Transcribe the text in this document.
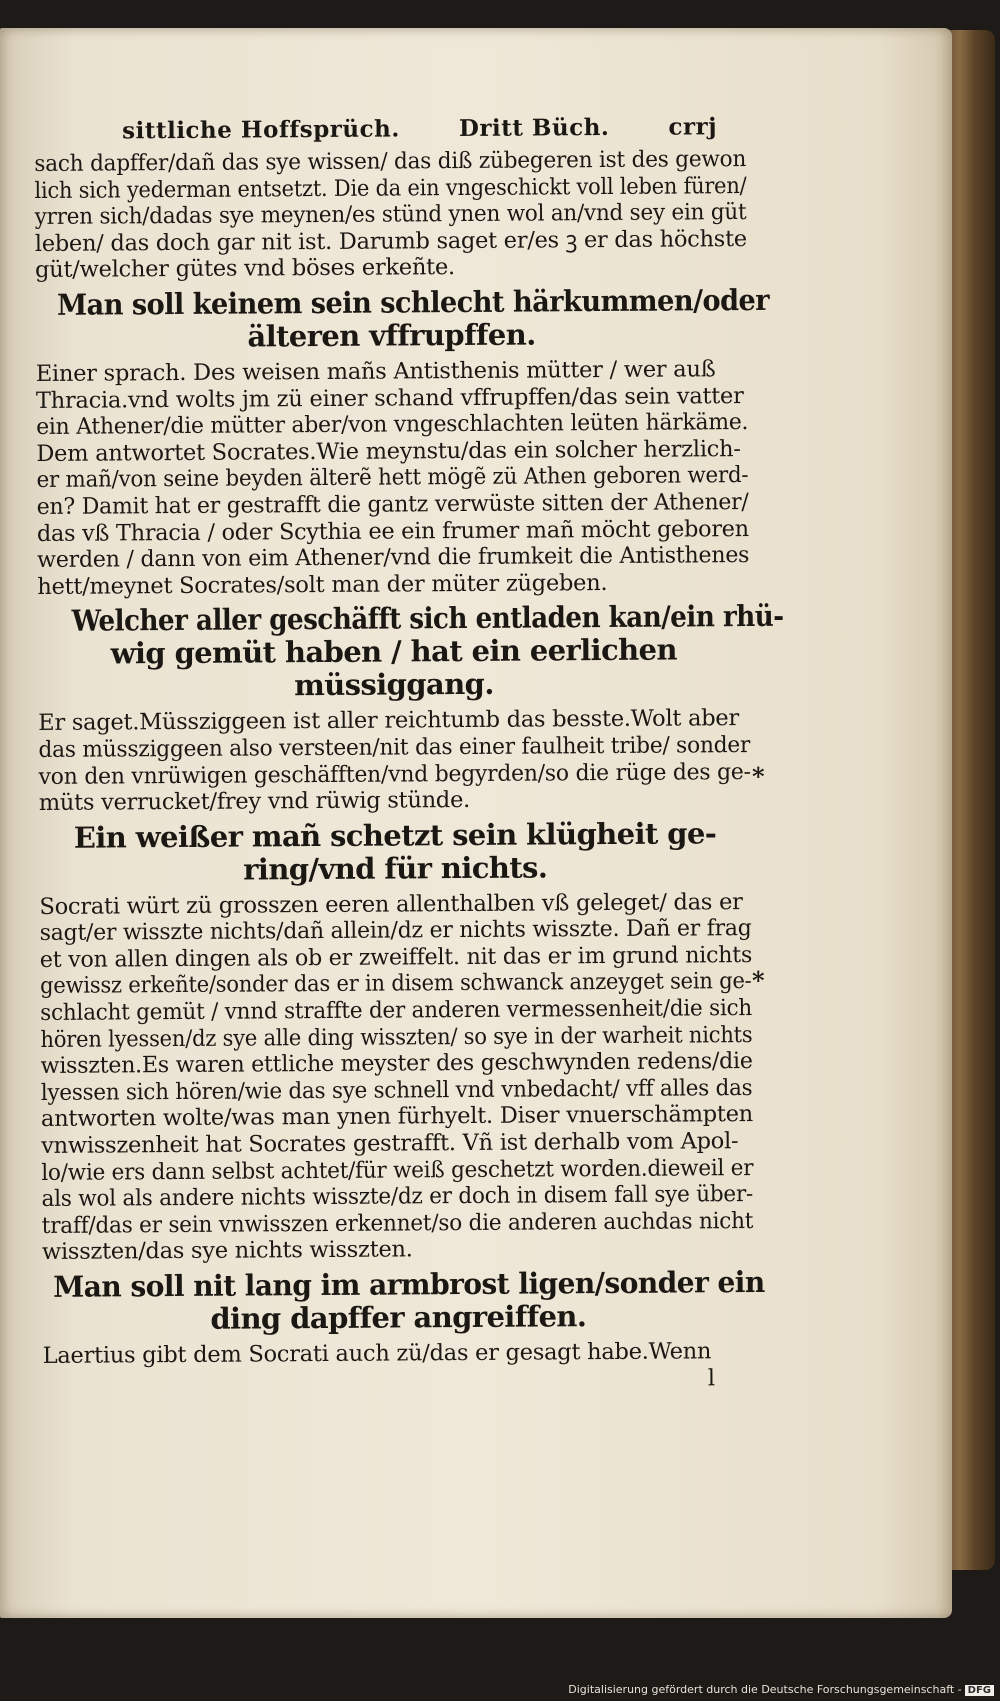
sittliche Hoffsprüch.	Dritt Büch.	crrj
sach dapffer/dañ das sye wissen/ das diß zübegeren ist des gewon
lich sich yederman entsetzt. Die da ein vngeschickt voll leben füren/
yrren sich/dadas sye meynen/es stünd ynen wol an/vnd sey ein güt
leben/ das doch gar nit ist. Darumb saget er/es ꝫ er das höchste
güt/welcher gütes vnd böses erkeñte.
Man soll keinem sein schlecht härkummen/oder
älteren vffrupffen.
Einer sprach. Des weisen mañs Antisthenis mütter / wer auß
Thracia.vnd wolts jm zü einer schand vffrupffen/das sein vatter
ein Athener/die mütter aber/von vngeschlachten leüten härkäme.
Dem antwortet Socrates.Wie meynstu/das ein solcher herzlich-
er mañ/von seine beyden älterẽ hett mögẽ zü Athen geboren werd-
en? Damit hat er gestrafft die gantz verwüste sitten der Athener/
das vß Thracia / oder Scythia ee ein frumer mañ möcht geboren
werden / dann von eim Athener/vnd die frumkeit die Antisthenes
hett/meynet Socrates/solt man der müter zügeben.
Welcher aller geschäfft sich entladen kan/ein rhü-
wig gemüt haben / hat ein eerlichen
müssiggang.
Er saget.Müssziggeen ist aller reichtumb das besste.Wolt aber
das müssziggeen also versteen/nit das einer faulheit tribe/ sonder
von den vnrüwigen geschäfften/vnd begyrden/so die rüge des ge-
müts verrucket/frey vnd rüwig stünde.
Ein weißer mañ schetzt sein klügheit ge-
ring/vnd für nichts.
Socrati würt zü grosszen eeren allenthalben vß geleget/ das er
sagt/er wisszte nichts/dañ allein/dz er nichts wisszte. Dañ er frag
et von allen dingen als ob er zweiffelt. nit das er im grund nichts
gewissz erkeñte/sonder das er in disem schwanck anzeyget sein ge-
schlacht gemüt / vnnd straffte der anderen vermessenheit/die sich
hören lyessen/dz sye alle ding wisszten/ so sye in der warheit nichts
wisszten.Es waren ettliche meyster des geschwynden redens/die
lyessen sich hören/wie das sye schnell vnd vnbedacht/ vff alles das
antworten wolte/was man ynen fürhyelt. Diser vnuerschämpten
vnwisszenheit hat Socrates gestrafft. Vñ ist derhalb vom Apol-
lo/wie ers dann selbst achtet/für weiß geschetzt worden.dieweil er
als wol als andere nichts wisszte/dz er doch in disem fall sye über-
traff/das er sein vnwisszen erkennet/so die anderen auchdas nicht
wisszten/das sye nichts wisszten.
Man soll nit lang im armbrost ligen/sonder ein
ding dapffer angreiffen.
Laertius gibt dem Socrati auch zü/das er gesagt habe.Wenn
l
*
*
Digitalisierung gefördert durch die Deutsche Forschungsgemeinschaft - DFG
